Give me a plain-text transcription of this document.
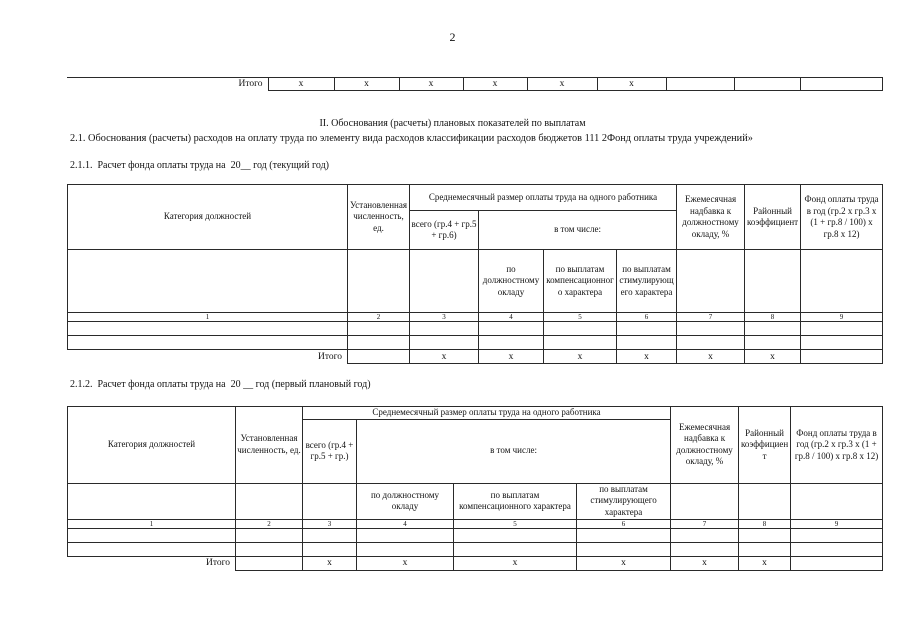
2
Итого	х	х	х	х	х	х			
II. Обоснования (расчеты) плановых показателей по выплатам
2.1. Обоснования (расчеты) расходов на оплату труда по элементу вида расходов классификации расходов бюджетов 111 2Фонд оплаты труда учреждений»
2.1.1.  Расчет фонда оплаты труда на  20__ год (текущий год)
Категория должностей	Установленная численность, ед.	Среднемесячный размер оплаты труда на одного работника				Ежемесячная надбавка к должностному окладу, %	Районный коэффициент	Фонд оплаты труда в год (гр.2 х гр.3 х (1 + гр.8 / 100) х гр.8 х 12)
		всего (гр.4 + гр.5 + гр.6)	в том числе:					
			по должностному окладу	по выплатам компенсационного характера	по выплатам стимулирующего характера			
1	2	3	4	5	6	7	8	9

Итого		х	х	х	х	х	х	
2.1.2.  Расчет фонда оплаты труда на  20 __ год (первый плановый год)
Категория должностей	Установленная численность, ед.	Среднемесячный размер оплаты труда на одного работника				Ежемесячная надбавка к должностному окладу, %	Районный коэффициент	Фонд оплаты труда в год (гр.2 х гр.3 х (1 + гр.8 / 100) х гр.8 х 12)
		всего (гр.4 + гр.5 + гр.)	в том числе:					
			по должностному окладу	по выплатам компенсационного характера	по выплатам стимулирующего характера			
1	2	3	4	5	6	7	8	9

Итого		х	х	х	х	х	х	
